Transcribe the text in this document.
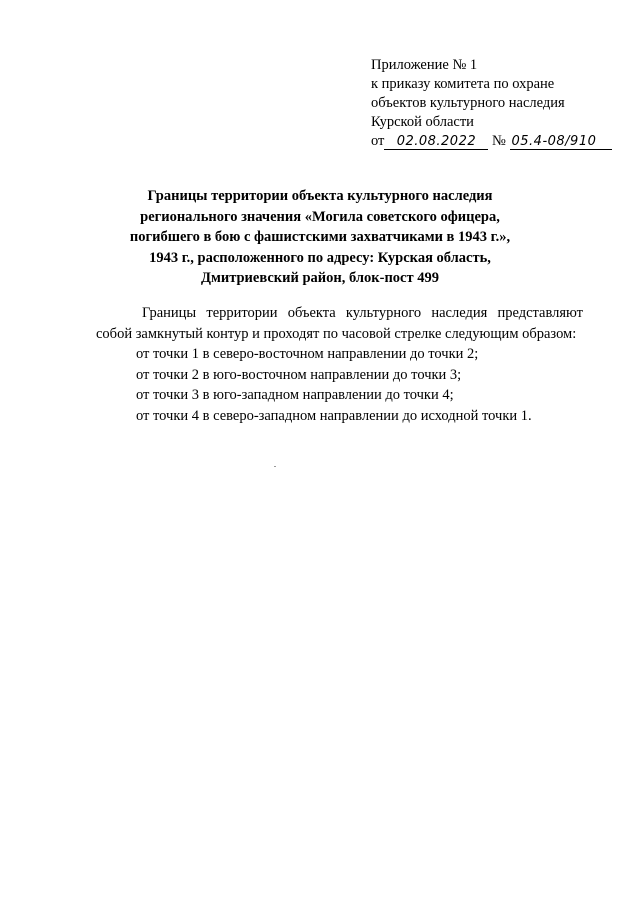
Приложение № 1
к приказу комитета по охране
объектов культурного наследия
Курской области
от 02.08.2022 № 05.4-08/910
Границы территории объекта культурного наследия
регионального значения «Могила советского офицера,
погибшего в бою с фашистскими захватчиками в 1943 г.»,
1943 г., расположенного по адресу: Курская область,
Дмитриевский район, блок-пост 499

Границы территории объекта культурного наследия представляют собой замкнутый контур и проходят по часовой стрелке следующим образом:

от точки 1 в северо-восточном направлении до точки 2;

от точки 2 в юго-восточном направлении до точки 3;

от точки 3 в юго-западном направлении до точки 4;

от точки 4 в северо-западном направлении до исходной точки 1.
